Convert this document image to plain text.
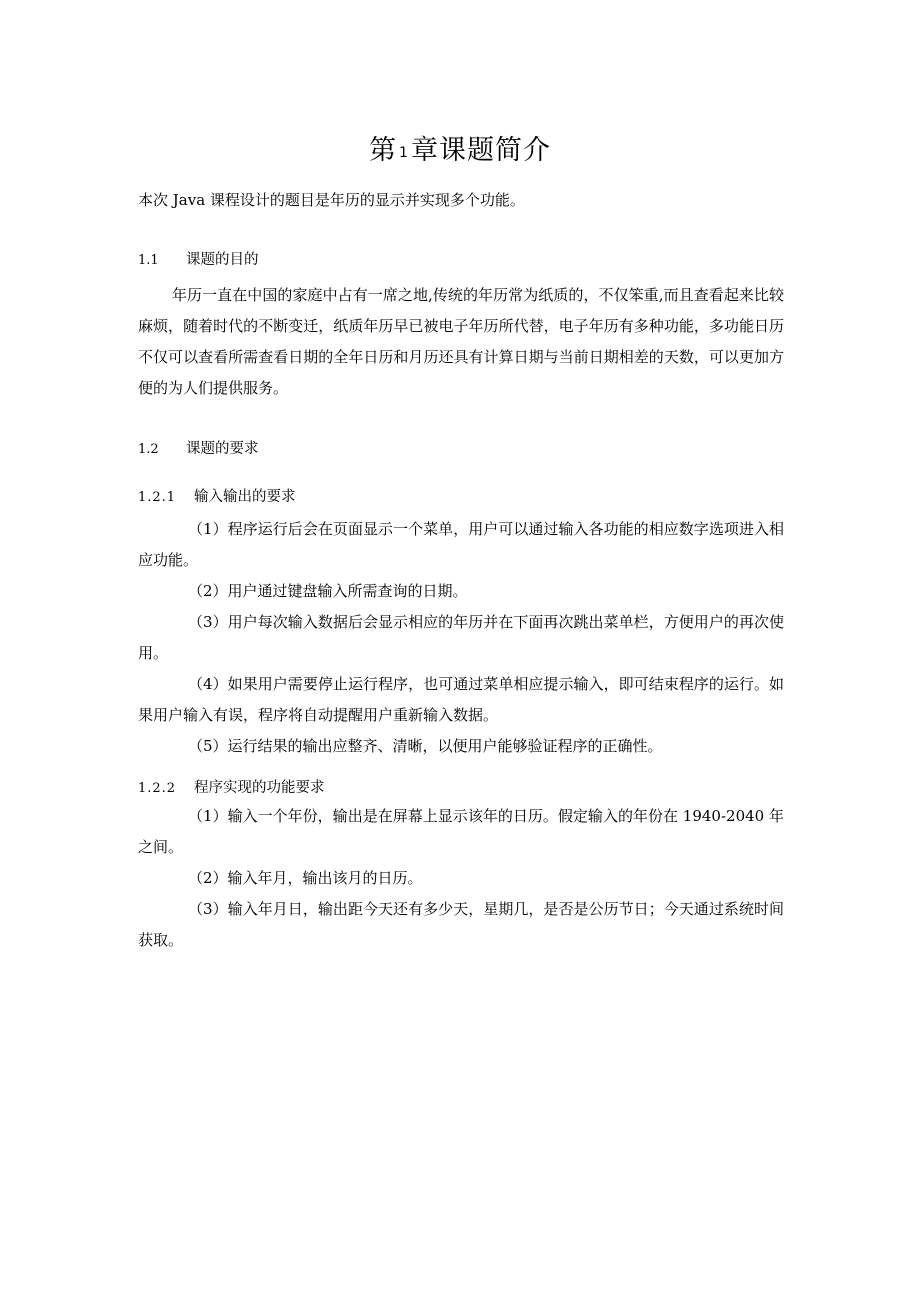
第 1章课题简介
本次 Java 课程设计的题目是年历的显示并实现多个功能。
1.1 课题的目的
年历一直在中国的家庭中占有一席之地,传统的年历常为纸质的，不仅笨重,而且查看起来比较麻烦，随着时代的不断变迁，纸质年历早已被电子年历所代替，电子年历有多种功能，多功能日历不仅可以查看所需查看日期的全年日历和月历还具有计算日期与当前日期相差的天数，可以更加方便的为人们提供服务。
1.2 课题的要求
1.2.1 输入输出的要求
（1）程序运行后会在页面显示一个菜单，用户可以通过输入各功能的相应数字选项进入相应功能。
（2）用户通过键盘输入所需查询的日期。
（3）用户每次输入数据后会显示相应的年历并在下面再次跳出菜单栏，方便用户的再次使用。
（4）如果用户需要停止运行程序，也可通过菜单相应提示输入，即可结束程序的运行。如果用户输入有误，程序将自动提醒用户重新输入数据。
（5）运行结果的输出应整齐、清晰，以便用户能够验证程序的正确性。
1.2.2 程序实现的功能要求
（1）输入一个年份，输出是在屏幕上显示该年的日历。假定输入的年份在 1940-2040 年之间。
（2）输入年月，输出该月的日历。
（3）输入年月日，输出距今天还有多少天，星期几，是否是公历节日；今天通过系统时间获取。
